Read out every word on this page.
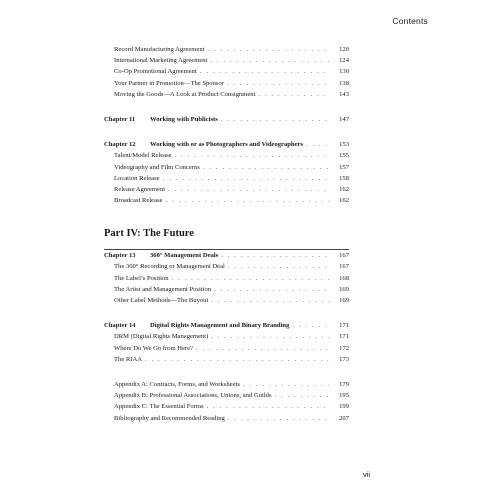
Contents
Record Manufacturing Agreement . . .	120
International Marketing Agreement . . .	124
Co-Op Promotional Agreement . . .	130
Your Partner in Promotion—The Sponsor . . .	138
Moving the Goods—A Look at Product Consignment . . .	143
Chapter 11	Working with Publicists . . .	147
Chapter 12	Working with or as Photographers and Videographers . . .	153
Talent/Model Release . . .	155
Videography and Film Concerns . . .	157
Location Release . . .	158
Release Agreement . . .	162
Broadcast Release . . .	162
Part IV: The Future
Chapter 13	360° Management Deals . . .	167
The 360° Recording or Management Deal . . .	167
The Label’s Position . . .	168
The Artist and Management Position . . .	169
Other Label Methods—The Buyout . . .	169
Chapter 14	Digital Rights Management and Binary Branding . . .	171
DRM (Digital Rights Management) . . .	171
Where Do We Go from Here? . . .	172
The RIAA . . .	173
Appendix A: Contracts, Forms, and Worksheets . . .	179
Appendix B: Professional Associations, Unions, and Guilds . . .	195
Appendix C: The Essential Forms . . .	199
Bibliography and Recommended Reading . . .	207
vii
